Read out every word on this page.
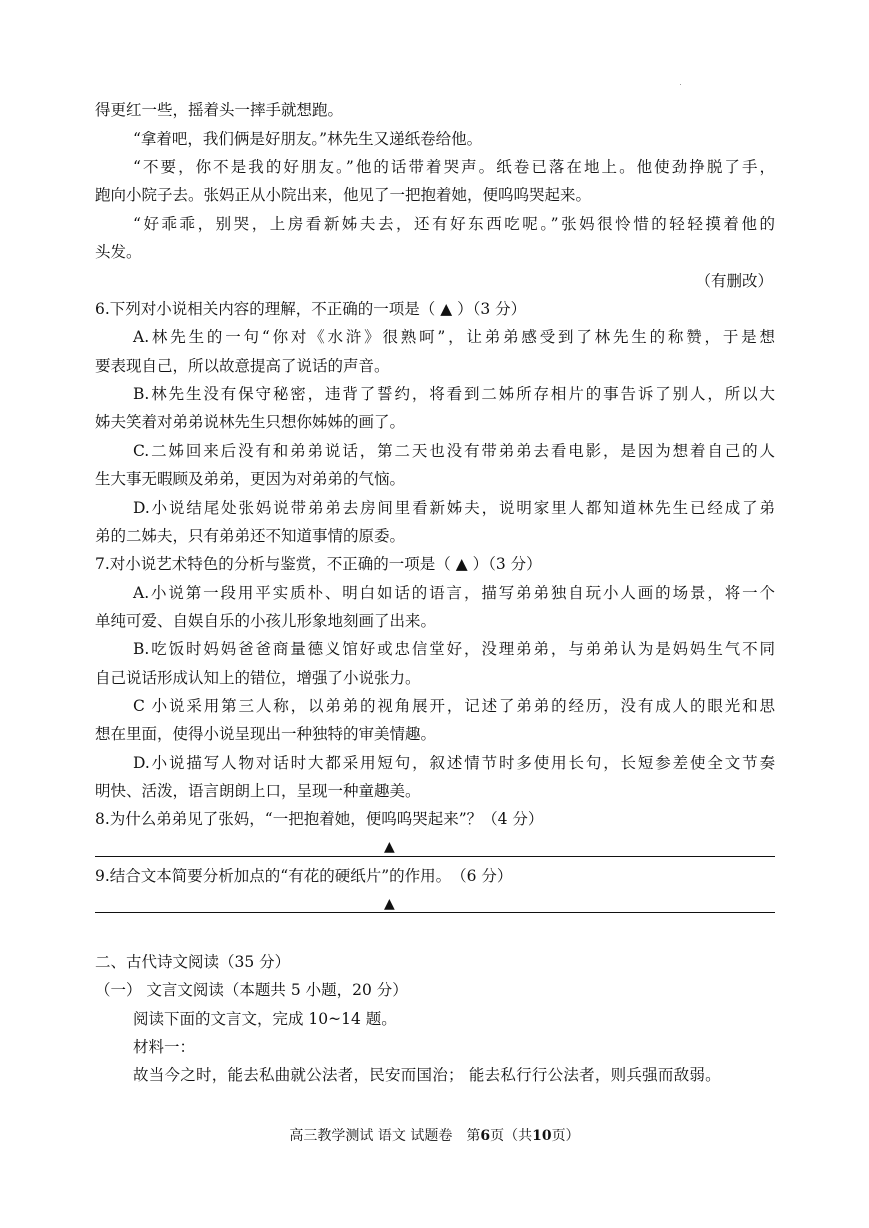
得更红一些，摇着头一摔手就想跑。
“拿着吧，我们俩是好朋友。”林先生又递纸卷给他。
“不要，你不是我的好朋友。”他的话带着哭声。纸卷已落在地上。他使劲挣脱了手，
跑向小院子去。张妈正从小院出来，他见了一把抱着她，便呜呜哭起来。
“好乖乖，别哭，上房看新姊夫去，还有好东西吃呢。”张妈很怜惜的轻轻摸着他的
头发。
（有删改）
6.下列对小说相关内容的理解，不正确的一项是（ ▲ ）（3 分）
A.林先生的一句“你对《水浒》很熟呵”，让弟弟感受到了林先生的称赞，于是想
要表现自己，所以故意提高了说话的声音。
B.林先生没有保守秘密，违背了誓约，将看到二姊所存相片的事告诉了别人，所以大
姊夫笑着对弟弟说林先生只想你姊姊的画了。
C.二姊回来后没有和弟弟说话，第二天也没有带弟弟去看电影，是因为想着自己的人
生大事无暇顾及弟弟，更因为对弟弟的气恼。
D.小说结尾处张妈说带弟弟去房间里看新姊夫，说明家里人都知道林先生已经成了弟
弟的二姊夫，只有弟弟还不知道事情的原委。
7.对小说艺术特色的分析与鉴赏，不正确的一项是（ ▲ ）（3 分）
A.小说第一段用平实质朴、明白如话的语言，描写弟弟独自玩小人画的场景，将一个
单纯可爱、自娱自乐的小孩儿形象地刻画了出来。
B.吃饭时妈妈爸爸商量德义馆好或忠信堂好，没理弟弟，与弟弟认为是妈妈生气不同
自己说话形成认知上的错位，增强了小说张力。
C 小说采用第三人称，以弟弟的视角展开，记述了弟弟的经历，没有成人的眼光和思
想在里面，使得小说呈现出一种独特的审美情趣。
D.小说描写人物对话时大都采用短句，叙述情节时多使用长句，长短参差使全文节奏
明快、活泼，语言朗朗上口，呈现一种童趣美。
8.为什么弟弟见了张妈，“一把抱着她，便呜呜哭起来”？（4 分）
▲
9.结合文本简要分析加点的“有花的硬纸片”的作用。　（6 分）
▲
二、古代诗文阅读（35 分）
（一） 文言文阅读（本题共 5 小题，20 分）
阅读下面的文言文，完成 10~14 题。
材料一：
故当今之时，能去私曲就公法者，民安而国治； 能去私行行公法者，则兵强而敌弱。
高三教学测试 语文 试题卷　第6页（共10页）
